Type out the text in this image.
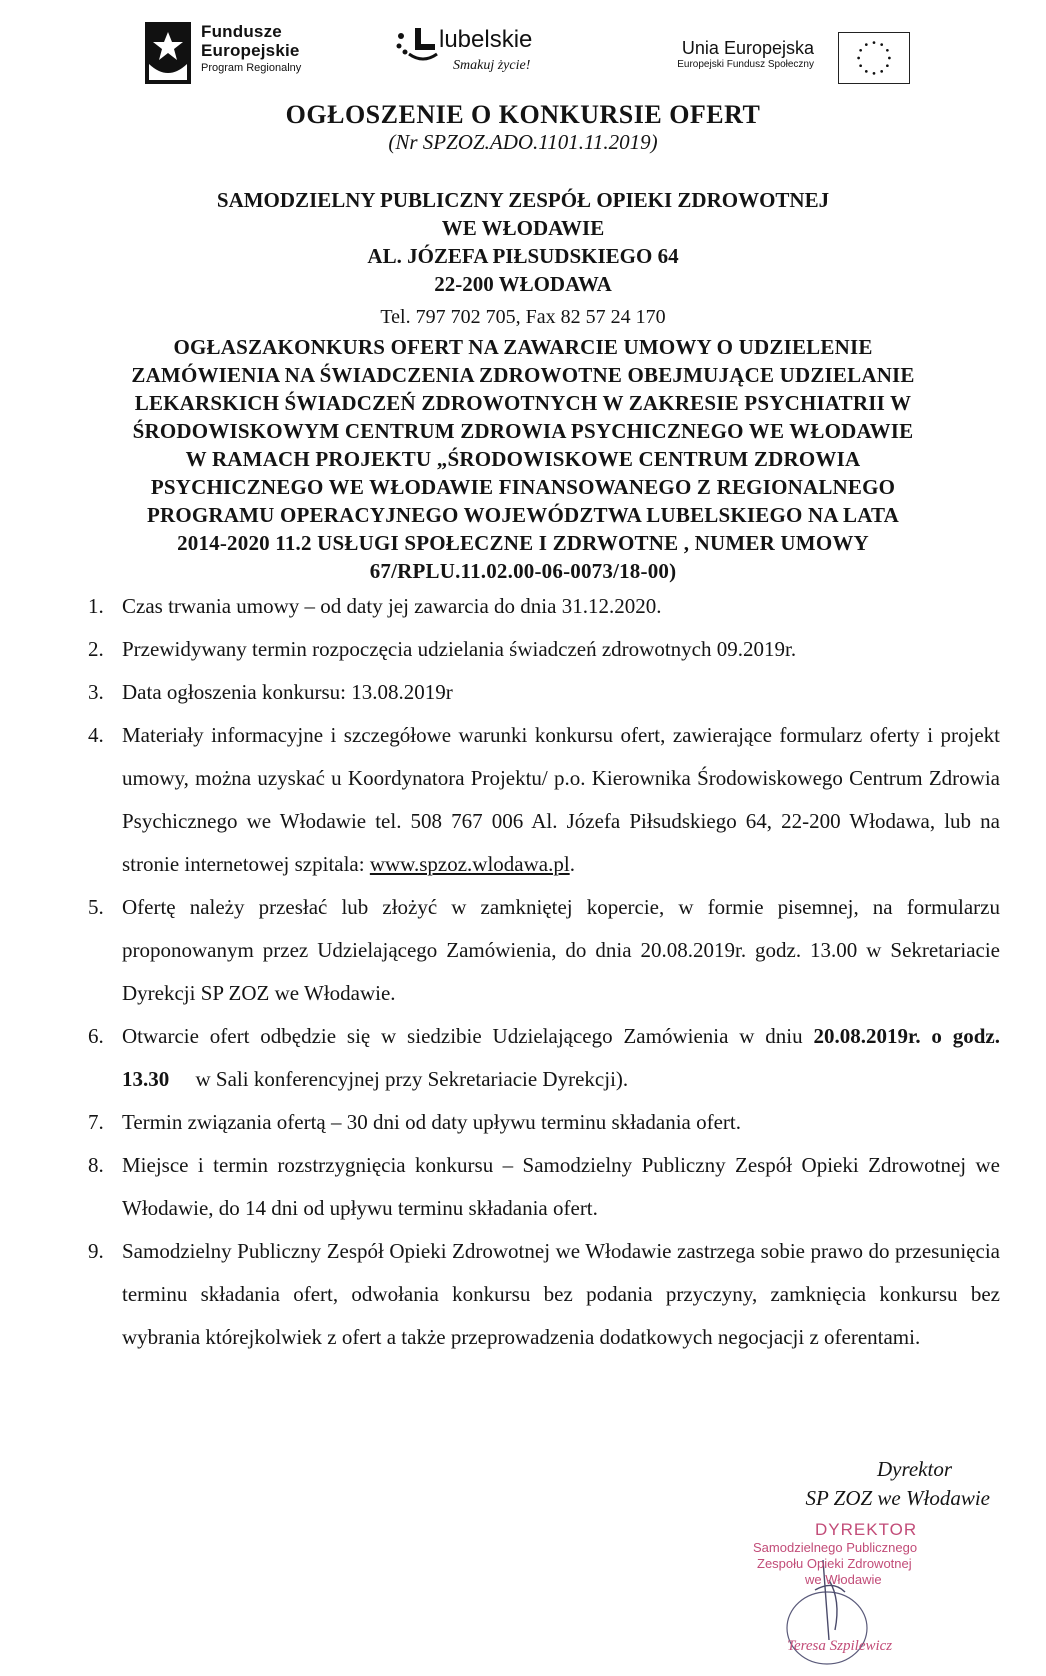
Fundusze
Europejskie
Program Regionalny
lubelskie
Smakuj życie!
Unia Europejska
Europejski Fundusz Społeczny
OGŁOSZENIE O KONKURSIE OFERT
(Nr SPZOZ.ADO.1101.11.2019)
SAMODZIELNY PUBLICZNY ZESPÓŁ OPIEKI ZDROWOTNEJ
WE WŁODAWIE
AL. JÓZEFA PIŁSUDSKIEGO 64
22-200 WŁODAWA
Tel. 797 702 705, Fax 82 57 24 170
OGŁASZAKONKURS OFERT NA ZAWARCIE UMOWY O UDZIELENIE
ZAMÓWIENIA NA ŚWIADCZENIA ZDROWOTNE OBEJMUJĄCE UDZIELANIE
LEKARSKICH ŚWIADCZEŃ ZDROWOTNYCH W ZAKRESIE PSYCHIATRII W
ŚRODOWISKOWYM CENTRUM ZDROWIA PSYCHICZNEGO WE WŁODAWIE
W RAMACH PROJEKTU „ŚRODOWISKOWE CENTRUM ZDROWIA
PSYCHICZNEGO WE WŁODAWIE FINANSOWANEGO Z REGIONALNEGO
PROGRAMU OPERACYJNEGO WOJEWÓDZTWA LUBELSKIEGO NA LATA
2014-2020 11.2 USŁUGI SPOŁECZNE I ZDRWOTNE , NUMER UMOWY
67/RPLU.11.02.00-06-0073/18-00)
1. Czas trwania umowy – od daty jej zawarcia do dnia 31.12.2020.
2. Przewidywany termin rozpoczęcia udzielania świadczeń zdrowotnych 09.2019r.
3. Data ogłoszenia konkursu: 13.08.2019r
4. Materiały informacyjne i szczegółowe warunki konkursu ofert, zawierające formularz oferty i projekt umowy, można uzyskać u Koordynatora Projektu/ p.o. Kierownika Środowiskowego Centrum Zdrowia Psychicznego we Włodawie tel. 508 767 006 Al. Józefa Piłsudskiego 64, 22-200 Włodawa, lub na stronie internetowej szpitala: www.spzoz.wlodawa.pl.
5. Ofertę należy przesłać lub złożyć w zamkniętej kopercie, w formie pisemnej, na formularzu proponowanym przez Udzielającego Zamówienia, do dnia 20.08.2019r. godz. 13.00 w Sekretariacie Dyrekcji SP ZOZ we Włodawie.
6. Otwarcie ofert odbędzie się w siedzibie Udzielającego Zamówienia w dniu 20.08.2019r. o godz. 13.30 w Sali konferencyjnej przy Sekretariacie Dyrekcji).
7. Termin związania ofertą – 30 dni od daty upływu terminu składania ofert.
8. Miejsce i termin rozstrzygnięcia konkursu – Samodzielny Publiczny Zespół Opieki Zdrowotnej we Włodawie, do 14 dni od upływu terminu składania ofert.
9. Samodzielny Publiczny Zespół Opieki Zdrowotnej we Włodawie zastrzega sobie prawo do przesunięcia terminu składania ofert, odwołania konkursu bez podania przyczyny, zamknięcia konkursu bez wybrania którejkolwiek z ofert a także przeprowadzenia dodatkowych negocjacji z oferentami.
Dyrektor
SP ZOZ we Włodawie
DYREKTOR
Samodzielnego Publicznego
Zespołu Opieki Zdrowotnej
we Włodawie
Teresa Szpilewicz
